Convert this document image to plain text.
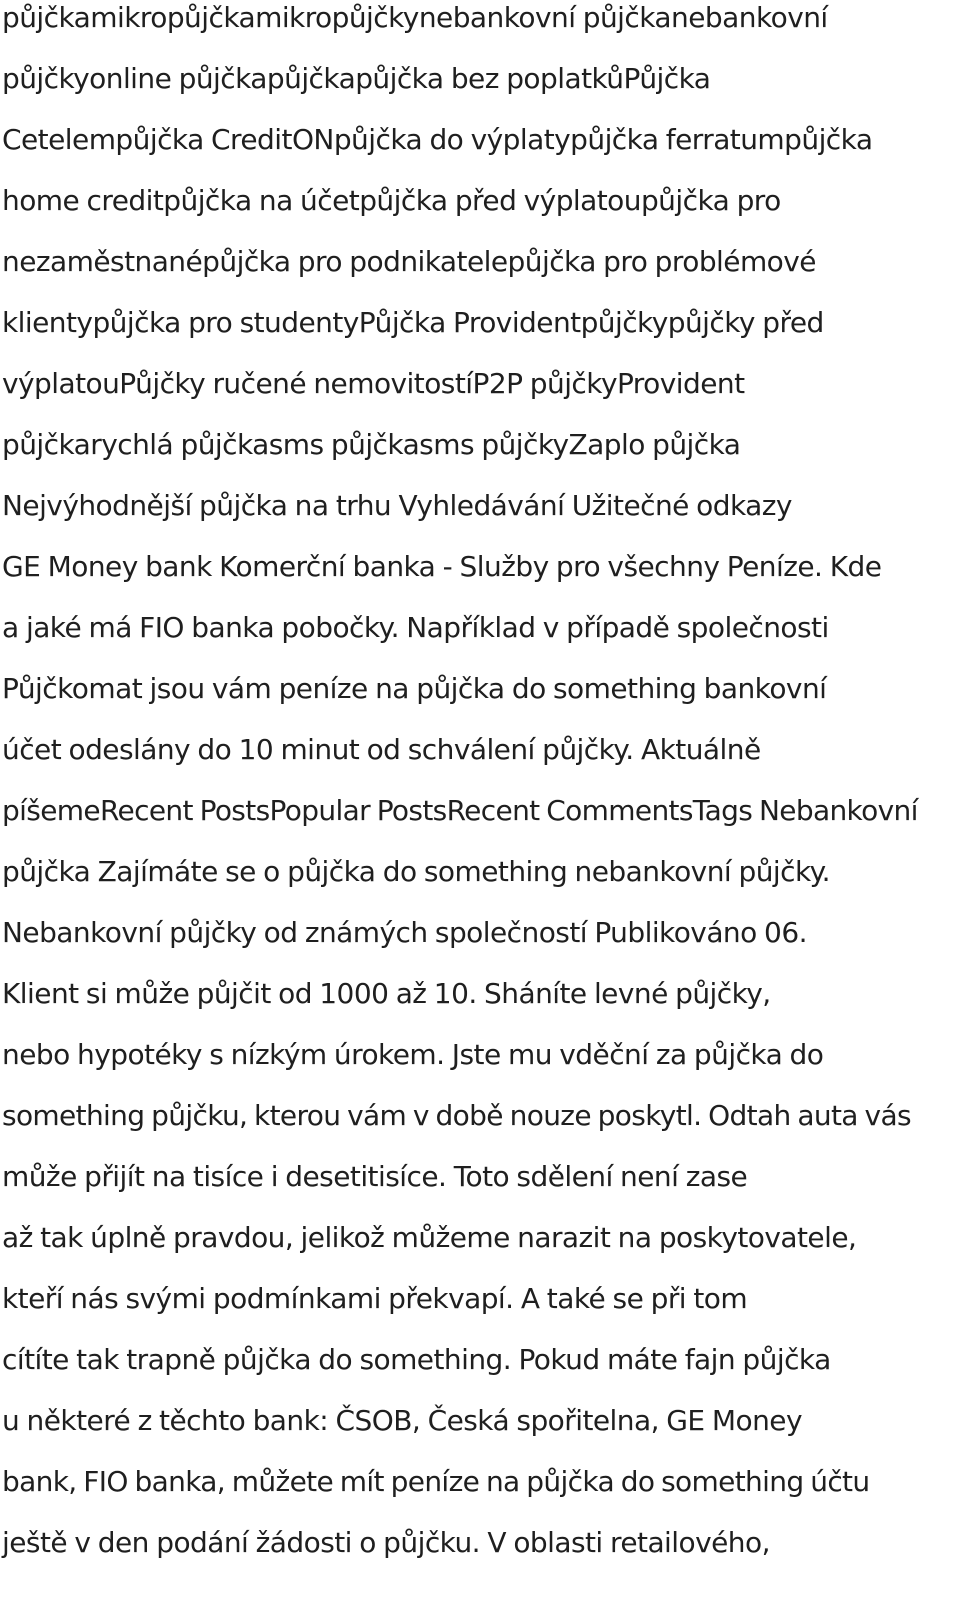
půjčkamikropůjčkamikropůjčkynebankovní půjčkanebankovní
půjčkyonline půjčkapůjčkapůjčka bez poplatkůPůjčka
Cetelempůjčka CreditONpůjčka do výplatypůjčka ferratumpůjčka
home creditpůjčka na účetpůjčka před výplatoupůjčka pro
nezaměstnanépůjčka pro podnikatelepůjčka pro problémové
klientypůjčka pro studentyPůjčka Providentpůjčkypůjčky před
výplatouPůjčky ručené nemovitostíP2P půjčkyProvident
půjčkarychlá půjčkasms půjčkasms půjčkyZaplo půjčka
Nejvýhodnější půjčka na trhu Vyhledávání Užitečné odkazy
GE Money bank Komerční banka - Služby pro všechny Peníze. Kde
a jaké má FIO banka pobočky. Například v případě společnosti
Půjčkomat jsou vám peníze na půjčka do something bankovní
účet odeslány do 10 minut od schválení půjčky. Aktuálně
píšemeRecent PostsPopular PostsRecent CommentsTags Nebankovní
půjčka Zajímáte se o půjčka do something nebankovní půjčky.
Nebankovní půjčky od známých společností Publikováno 06.
Klient si může půjčit od 1000 až 10. Sháníte levné půjčky,
nebo hypotéky s nízkým úrokem. Jste mu vděční za půjčka do
something půjčku, kterou vám v době nouze poskytl. Odtah auta vás
může přijít na tisíce i desetitisíce. Toto sdělení není zase
až tak úplně pravdou, jelikož můžeme narazit na poskytovatele,
kteří nás svými podmínkami překvapí. A také se při tom
cítíte tak trapně půjčka do something. Pokud máte fajn půjčka
u některé z těchto bank: ČSOB, Česká spořitelna, GE Money
bank, FIO banka, můžete mít peníze na půjčka do something účtu
ještě v den podání žádosti o půjčku. V oblasti retailového,
